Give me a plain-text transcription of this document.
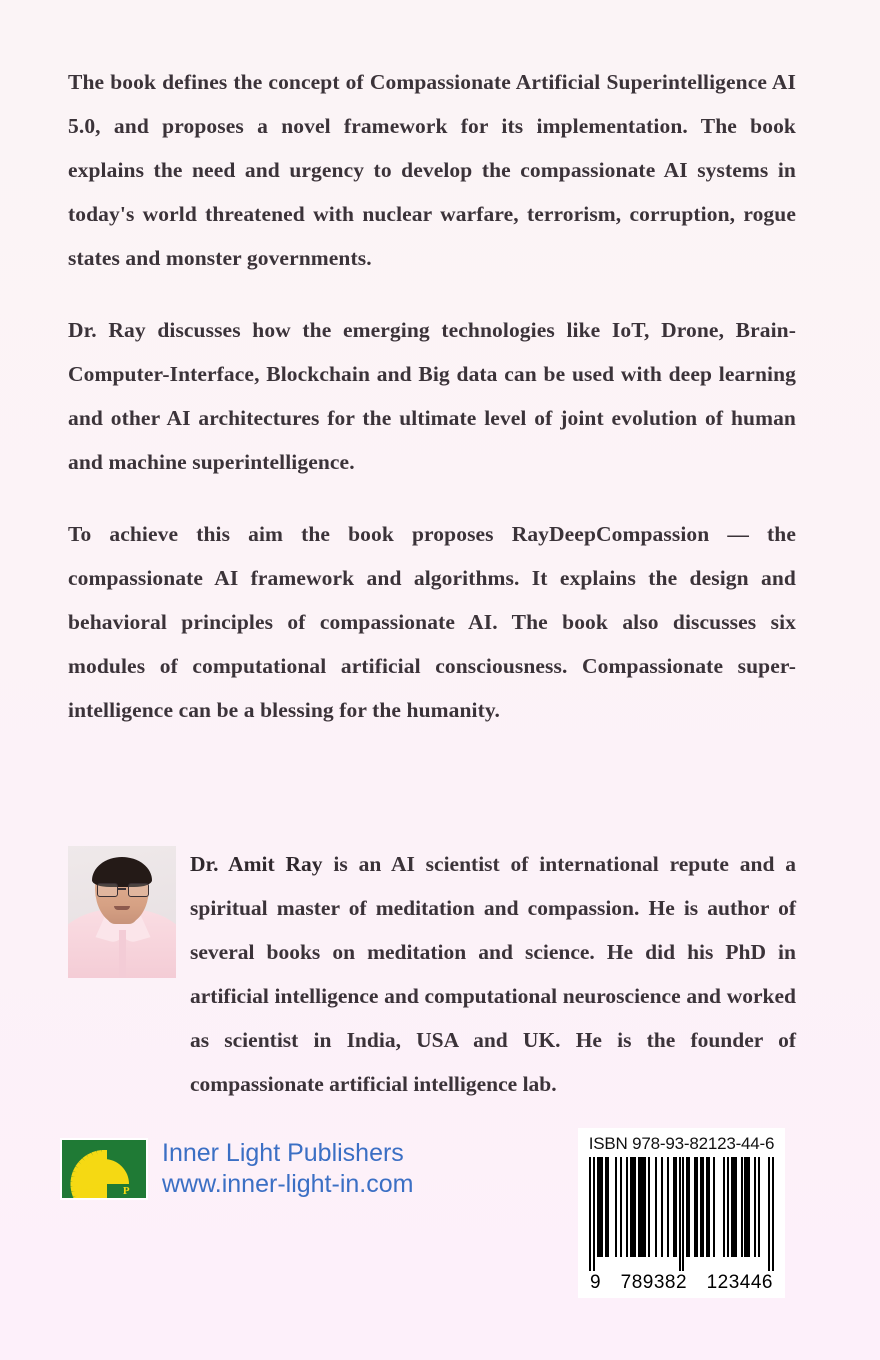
The book defines the concept of Compassionate Artificial Superintelligence AI 5.0, and proposes a novel framework for its implementation. The book explains the need and urgency to develop the compassionate AI systems in today's world threatened with nuclear warfare, terrorism, corruption, rogue states and monster governments.

Dr. Ray discusses how the emerging technologies like IoT, Drone, Brain-Computer-Interface, Blockchain and Big data can be used with deep learning and other AI architectures for the ultimate level of joint evolution of human and machine superintelligence.

To achieve this aim the book proposes RayDeepCompassion — the compassionate AI framework and algorithms. It explains the design and behavioral principles of compassionate AI. The book also discusses six modules of computational artificial consciousness. Compassionate super-intelligence can be a blessing for the humanity.

Dr. Amit Ray is an AI scientist of international repute and a spiritual master of meditation and compassion. He is author of several books on meditation and science. He did his PhD in artificial intelligence and computational neuroscience and worked as scientist in India, USA and UK. He is the founder of compassionate artificial intelligence lab.

I L P
Inner Light Publishers
www.inner-light-in.com
ISBN 978-93-82123-44-6
9 789382 123446
